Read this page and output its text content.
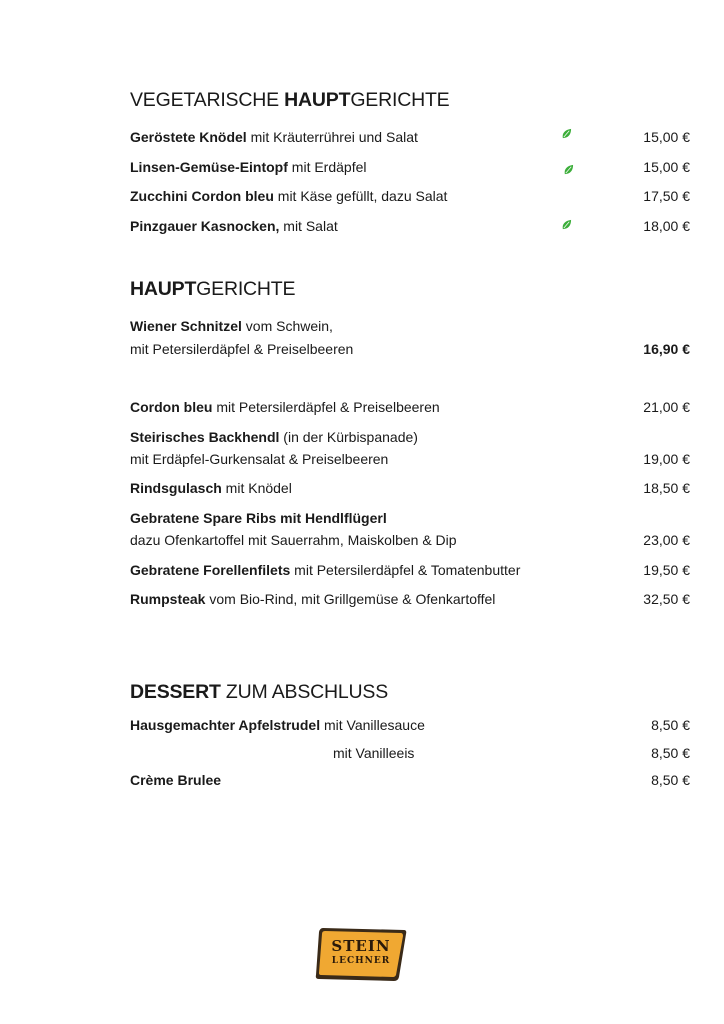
VEGETARISCHE HAUPTGERICHTE
Geröstete Knödel mit Kräuterrührei und Salat	15,00 €
Linsen-Gemüse-Eintopf mit Erdäpfel	15,00 €
Zucchini Cordon bleu mit Käse gefüllt, dazu Salat	17,50 €
Pinzgauer Kasnocken, mit Salat	18,00 €
HAUPTGERICHTE
Wiener Schnitzel vom Schwein,
mit Petersilerdäpfel & Preiselbeeren	16,90 €
Cordon bleu mit Petersilerdäpfel & Preiselbeeren	21,00 €
Steirisches Backhendl (in der Kürbispanade)
mit Erdäpfel-Gurkensalat & Preiselbeeren	19,00 €
Rindsgulasch mit Knödel	18,50 €
Gebratene Spare Ribs mit Hendlflügerl
dazu Ofenkartoffel mit Sauerrahm, Maiskolben & Dip	23,00 €
Gebratene Forellenfilets mit Petersilerdäpfel & Tomatenbutter	19,50 €
Rumpsteak vom Bio-Rind, mit Grillgemüse & Ofenkartoffel	32,50 €
DESSERT ZUM ABSCHLUSS
Hausgemachter Apfelstrudel mit Vanillesauce	8,50 €
mit Vanilleeis	8,50 €
Crème Brulee	8,50 €
STEIN
LECHNER
